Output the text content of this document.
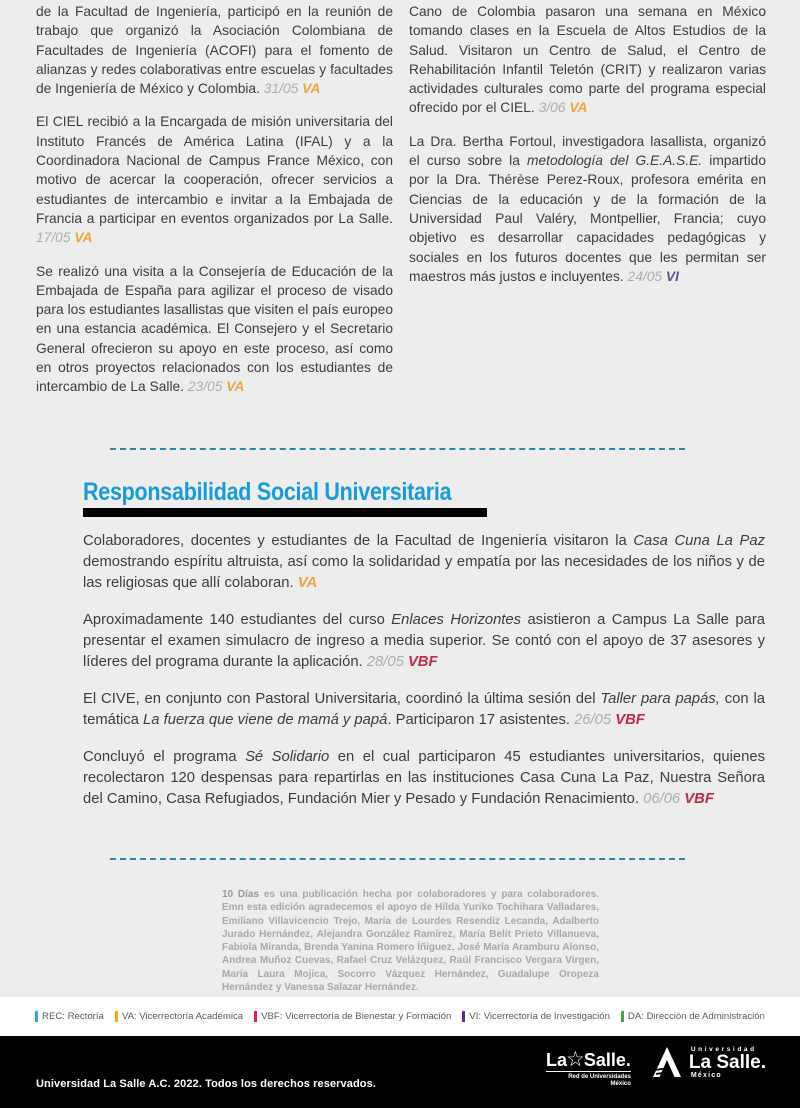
de la Facultad de Ingeniería, participó en la reunión de trabajo que organizó la Asociación Colombiana de Facultades de Ingeniería (ACOFI) para el fomento de alianzas y redes colaborativas entre escuelas y facultades de Ingeniería de México y Colombia. 31/05 VA

El CIEL recibió a la Encargada de misión universitaria del Instituto Francés de América Latina (IFAL) y a la Coordinadora Nacional de Campus France México, con motivo de acercar la cooperación, ofrecer servicios a estudiantes de intercambio e invitar a la Embajada de Francia a participar en eventos organizados por La Salle. 17/05 VA

Se realizó una visita a la Consejería de Educación de la Embajada de España para agilizar el proceso de visado para los estudiantes lasallistas que visiten el país europeo en una estancia académica. El Consejero y el Secretario General ofrecieron su apoyo en este proceso, así como en otros proyectos relacionados con los estudiantes de intercambio de La Salle. 23/05 VA

Cano de Colombia pasaron una semana en México tomando clases en la Escuela de Altos Estudios de la Salud. Visitaron un Centro de Salud, el Centro de Rehabilitación Infantil Teletón (CRIT) y realizaron varias actividades culturales como parte del programa especial ofrecido por el CIEL. 3/06 VA

La Dra. Bertha Fortoul, investigadora lasallista, organizó el curso sobre la metodología del G.E.A.S.E. impartido por la Dra. Thérèse Perez-Roux, profesora emérita en Ciencias de la educación y de la formación de la Universidad Paul Valéry, Montpellier, Francia; cuyo objetivo es desarrollar capacidades pedagógicas y sociales en los futuros docentes que les permitan ser maestros más justos e incluyentes. 24/05 VI

Responsabilidad Social Universitaria

Colaboradores, docentes y estudiantes de la Facultad de Ingeniería visitaron la Casa Cuna La Paz demostrando espíritu altruista, así como la solidaridad y empatía por las necesidades de los niños y de las religiosas que allí colaboran. VA

Aproximadamente 140 estudiantes del curso Enlaces Horizontes asistieron a Campus La Salle para presentar el examen simulacro de ingreso a media superior. Se contó con el apoyo de 37 asesores y líderes del programa durante la aplicación. 28/05 VBF

El CIVE, en conjunto con Pastoral Universitaria, coordinó la última sesión del Taller para papás, con la temática La fuerza que viene de mamá y papá. Participaron 17 asistentes. 26/05 VBF

Concluyó el programa Sé Solidario en el cual participaron 45 estudiantes universitarios, quienes recolectaron 120 despensas para repartirlas en las instituciones Casa Cuna La Paz, Nuestra Señora del Camino, Casa Refugiados, Fundación Mier y Pesado y Fundación Renacimiento. 06/06 VBF

10 Días es una publicación hecha por colaboradores y para colaboradores. Emn esta edición agradecemos el apoyo de Hilda Yuriko Tochihara Valladares, Emiliano Villavicencio Trejo, María de Lourdes Resendiz Lecanda, Adalberto Jurado Hernández, Alejandra González Ramírez, María Belit Prieto Villanueva, Fabiola Miranda, Brenda Yanina Romero Íñiguez, José María Aramburu Alonso, Andrea Muñoz Cuevas, Rafael Cruz Velázquez, Raúl Francisco Vergara Virgen, María Laura Mojica, Socorro Vázquez Hernández, Guadalupe Oropeza Hernández y Vanessa Salazar Hernández.

REC: Rectoría VA: Vicerrectoría Académica VBF: Vicerrectoría de Bienestar y Formación VI: Vicerrectoría de Investigación DA: Dirección de Administración
Universidad La Salle A.C. 2022. Todos los derechos reservados.
La ☆ Salle.
Red de Universidades
México
Universidad
La Salle.
México
